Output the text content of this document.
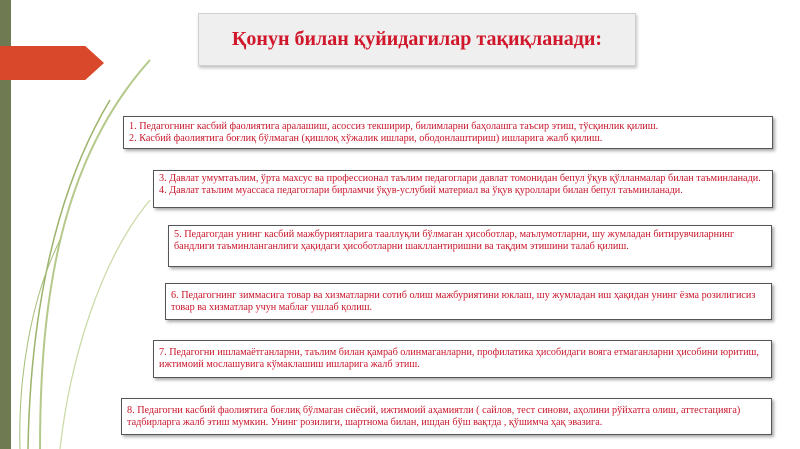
Қонун билан қуйидагилар тақиқланади:

1. Педагогнинг касбий фаолиятига аралашиш, асоссиз текширир, билимларни баҳолашга таъсир этиш, тўсқинлик қилиш.

2. Касбий фаолиятига боғлиқ бўлмаган (қишлоқ хўжалик ишлари, ободонлаштириш) ишларига жалб қилиш.

3. Давлат умумтаълим, ўрта махсус ва профессионал таълим педагоглари давлат томонидан бепул ўқув қўлланмалар билан таъминланади.

4. Давлат таълим муассаса педагоглари бирламчи ўқув-услубий материал ва ўқув қуроллари билан бепул таъминланади.

5. Педагогдан унинг касбий мажбуриятларига тааллуқли бўлмаган ҳисоботлар, маълумотларни, шу жумладан битирувчиларнинг бандлиги таъминланганлиги ҳақидаги ҳисоботларни шакллантиришни ва тақдим этишини талаб қилиш.

6. Педагогнинг зиммасига товар ва хизматларни сотиб олиш мажбуриятини юклаш, шу жумладан иш ҳақидан унинг ёзма розилигисиз товар ва хизматлар учун маблағ ушлаб қолиш.

7. Педагогни ишламаётганларни, таълим билан қамраб олинмаганларни, профилатика ҳисобидаги вояга етмаганларни ҳисобини юритиш, ижтимоий мослашувига кўмаклашиш ишларига жалб этиш.

8. Педагогни касбий фаолиятига боғлиқ бўлмаган сиёсий, ижтимоий аҳамиятли ( сайлов, тест синови, аҳолини рўйхатга олиш, аттестацияга) тадбирларга жалб этиш мумкин. Унинг розилиги, шартнома билан, ишдан бўш вақтда , қўшимча ҳақ эвазига.
